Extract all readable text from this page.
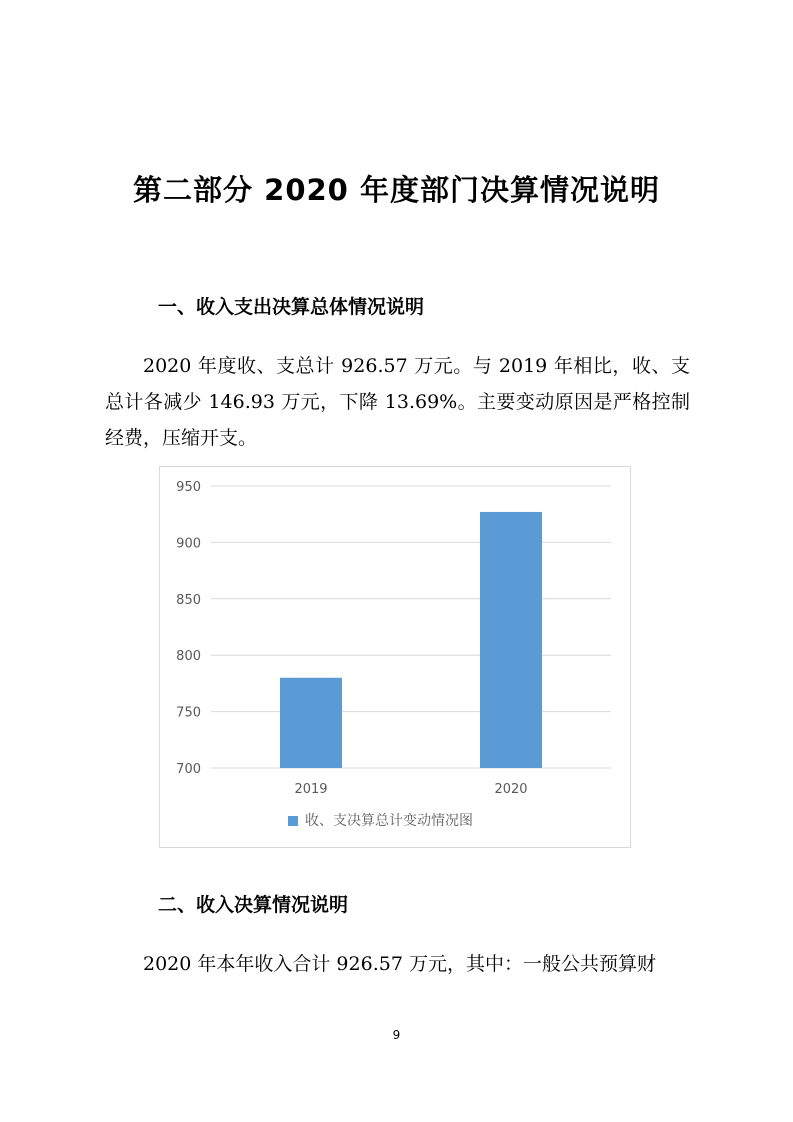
第二部分 2020 年度部门决算情况说明
一、收入支出决算总体情况说明

2020 年度收、支总计 926.57 万元。与 2019 年相比，收、支总计各减少 146.93 万元，下降 13.69%。主要变动原因是严格控制经费，压缩开支。

700
750
800
850
900
950
2019	2020
收、支决算总计变动情况图
二、收入决算情况说明

2020 年本年收入合计 926.57 万元，其中：一般公共预算财

9
